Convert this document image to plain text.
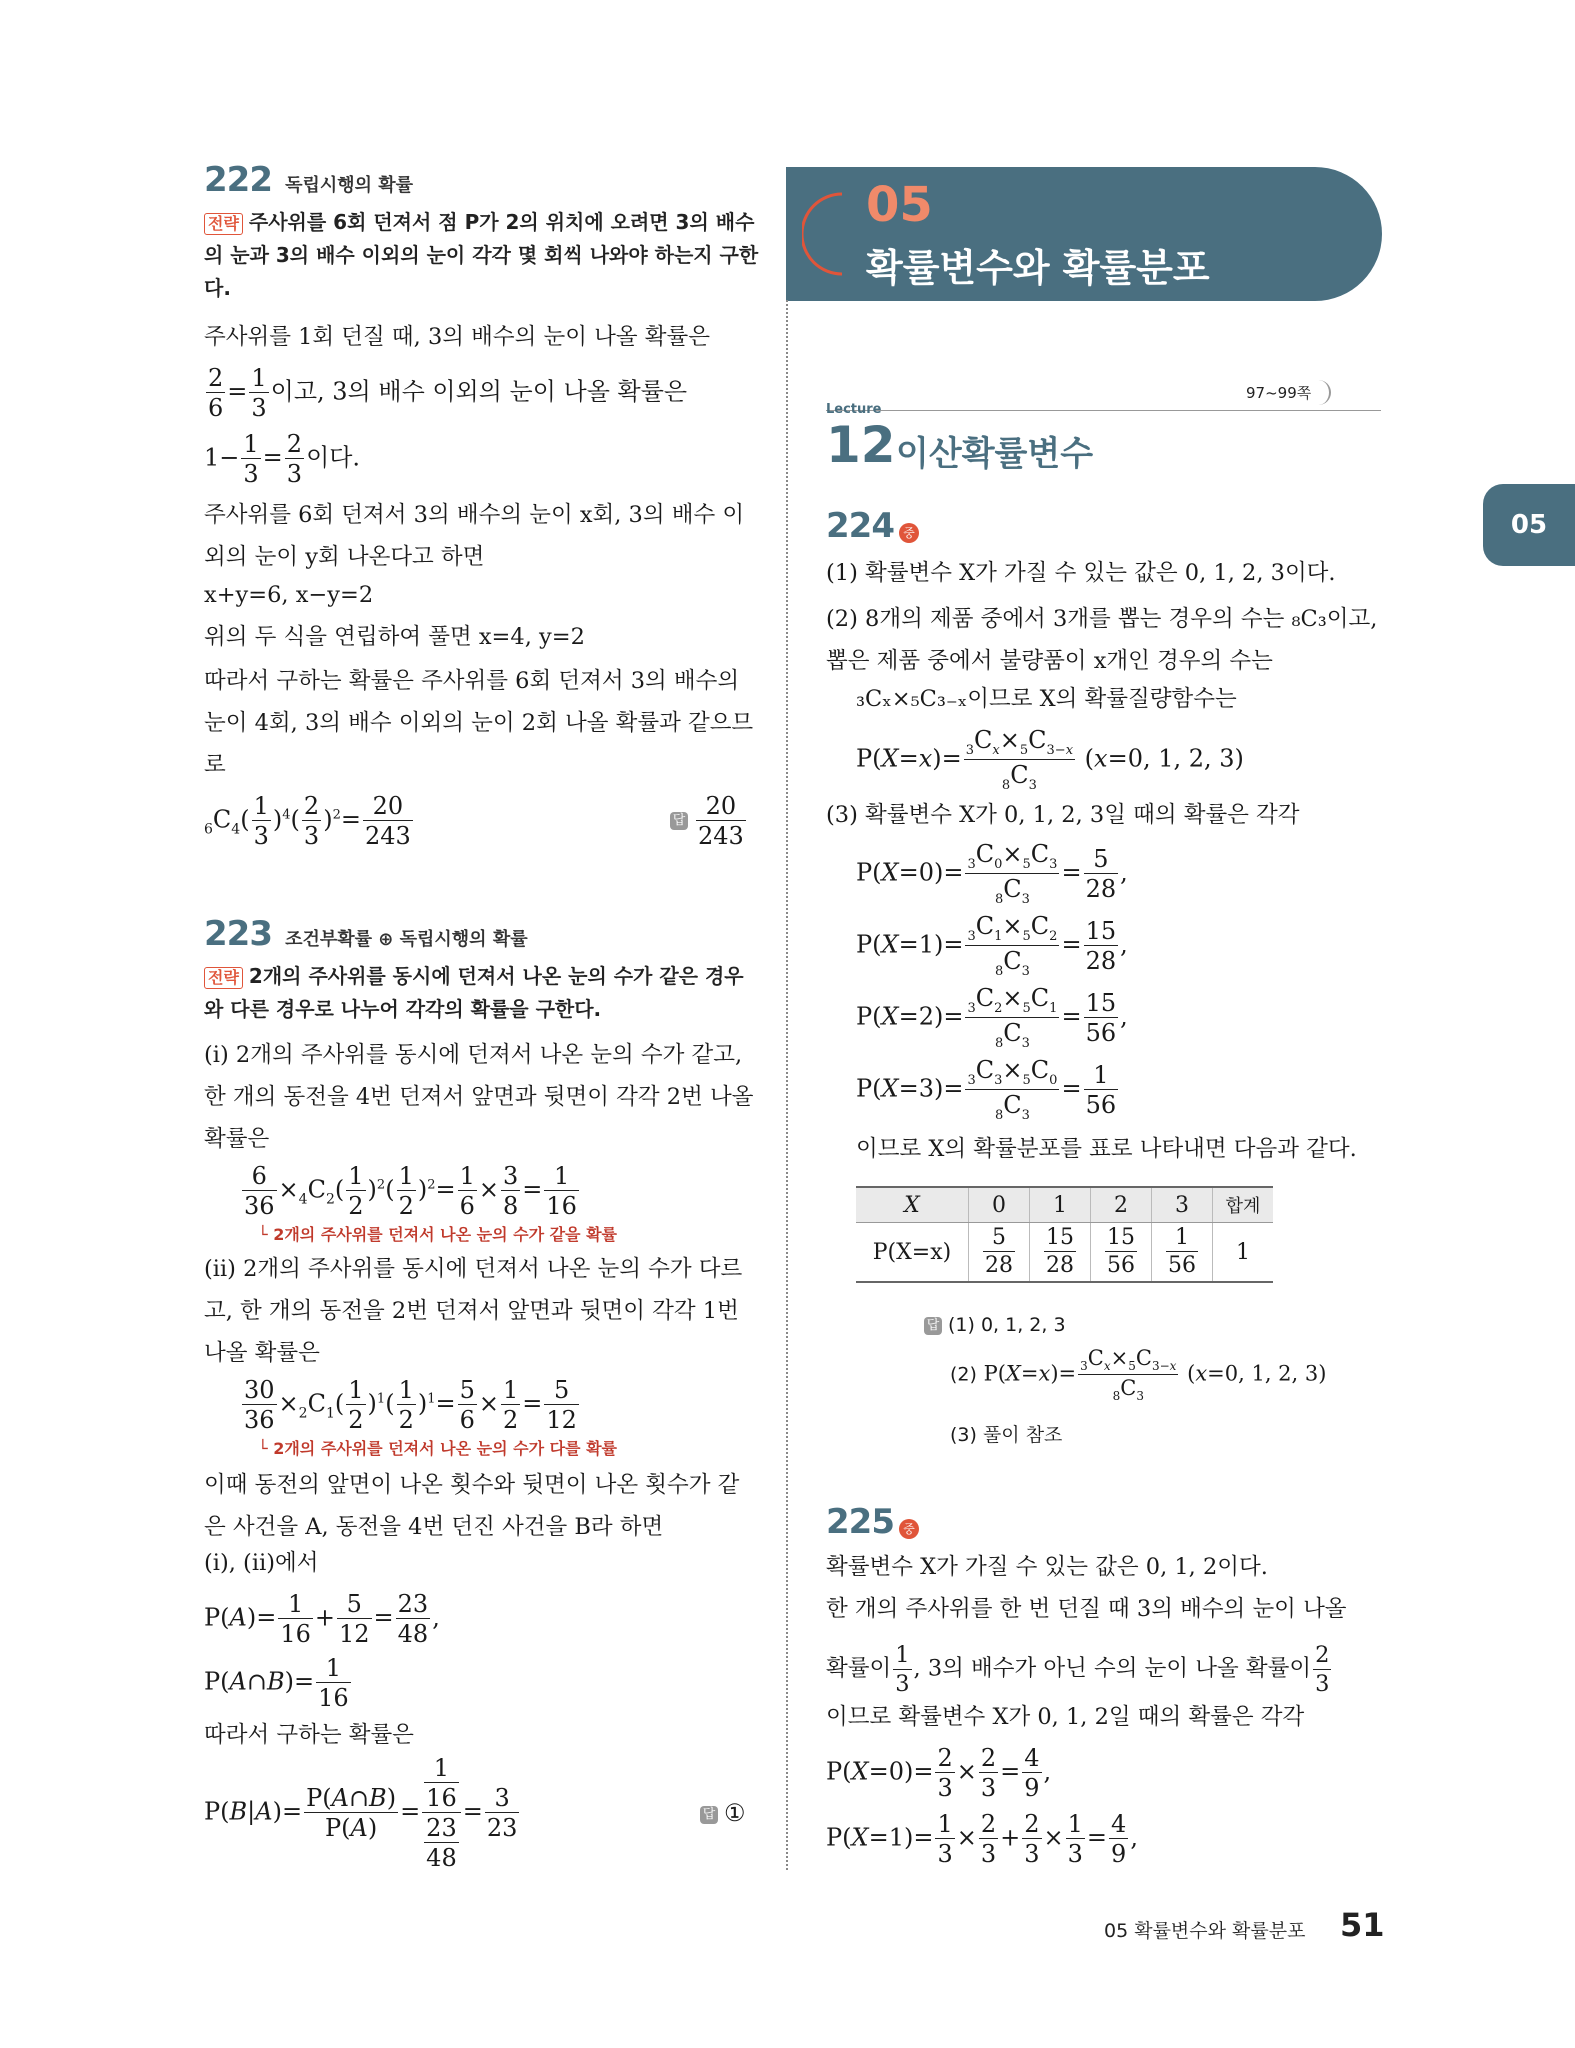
222 독립시행의 확률
전략 주사위를 6회 던져서 점 P가 2의 위치에 오려면 3의 배수의 눈과 3의 배수 이외의 눈이 각각 몇 회씩 나와야 하는지 구한다.
주사위를 1회 던질 때, 3의 배수의 눈이 나올 확률은
$\frac{2}{6} = \frac{1}{3}$ 이고, 3의 배수 이외의 눈이 나올 확률은
$1- \frac{1}{3} = \frac{2}{3}$ 이다.
주사위를 6회 던져서 3의 배수의 눈이 x회, 3의 배수 이외의 눈이 y회 나온다고 하면
x+y=6, x−y=2
위의 두 식을 연립하여 풀면 x=4, y=2
따라서 구하는 확률은 주사위를 6회 던져서 3의 배수의 눈이 4회, 3의 배수 이외의 눈이 2회 나올 확률과 같으므로
$_6C_4( \frac{1}{3} )^4( \frac{2}{3} )^2= \frac{20}{243}$	답 $\frac{20}{243}$
223 조건부확률 ⊕ 독립시행의 확률
전략 2개의 주사위를 동시에 던져서 나온 눈의 수가 같은 경우와 다른 경우로 나누어 각각의 확률을 구한다.
(ⅰ) 2개의 주사위를 동시에 던져서 나온 눈의 수가 같고, 한 개의 동전을 4번 던져서 앞면과 뒷면이 각각 2번 나올 확률은
$\frac{6}{36} \times_4C_2( \frac{1}{2} )^2( \frac{1}{2} )^2= \frac{1}{6} \times \frac{3}{8} = \frac{1}{16}$
└ 2개의 주사위를 던져서 나온 눈의 수가 같을 확률
(ⅱ) 2개의 주사위를 동시에 던져서 나온 눈의 수가 다르고, 한 개의 동전을 2번 던져서 앞면과 뒷면이 각각 1번 나올 확률은
$\frac{30}{36} \times_2C_1( \frac{1}{2} )^1( \frac{1}{2} )^1= \frac{5}{6} \times \frac{1}{2} = \frac{5}{12}$
└ 2개의 주사위를 던져서 나온 눈의 수가 다를 확률
이때 동전의 앞면이 나온 횟수와 뒷면이 나온 횟수가 같은 사건을 A, 동전을 4번 던진 사건을 B라 하면
(ⅰ), (ⅱ)에서
$P(A)= \frac{1}{16} + \frac{5}{12} = \frac{23}{48}$ ,
P(A∩B)= $\frac{1}{16}$
따라서 구하는 확률은
$P(B|A)= \frac{P(A\cap B)}{P(A)} = \frac{\frac{1}{16}}{\frac{23}{48}} = \frac{3}{23}$	답 ①
05
확률변수와 확률분포
05
97~99쪽
Lecture
12 이산확률변수
224 중
(1) 확률변수 X가 가질 수 있는 값은 0, 1, 2, 3이다.
(2) 8개의 제품 중에서 3개를 뽑는 경우의 수는 ₈C₃이고, 뽑은 제품 중에서 불량품이 x개인 경우의 수는
₃Cₓ×₅C₃₋ₓ이므로 X의 확률질량함수는
$P(X=x)= \frac{_3C_x\times_5C_{3-x}}{_8C_3} (x=0$, 1, 2, 3)
(3) 확률변수 X가 0, 1, 2, 3일 때의 확률은 각각
$P(X=0)= \frac{_3C_0\times_5C_3}{_8C_3} = \frac{5}{28}$ ,
$P(X=1)= \frac{_3C_1\times_5C_2}{_8C_3} = \frac{15}{28}$ ,
$P(X=2)= \frac{_3C_2\times_5C_1}{_8C_3} = \frac{15}{56}$ ,
$P(X=3)= \frac{_3C_3\times_5C_0}{_8C_3} = \frac{1}{56}$
이므로 X의 확률분포를 표로 나타내면 다음과 같다.
X	0	1	2	3	합계
P(X=x)	$\frac{5}{28}$	$\frac{15}{28}$	$\frac{15}{56}$	$\frac{1}{56}$	1
답 (1) 0, 1, 2, 3
(2) $P(X=x)= \frac{_3C_x\times_5C_{3-x}}{_8C_3} (x=0$, 1, 2, 3)
(3) 풀이 참조
225 중
확률변수 X가 가질 수 있는 값은 0, 1, 2이다.
한 개의 주사위를 한 번 던질 때 3의 배수의 눈이 나올
확률이 $\frac{1}{3}$ , 3의 배수가 아닌 수의 눈이 나올 확률이 $\frac{2}{3}$
이므로 확률변수 X가 0, 1, 2일 때의 확률은 각각
$P(X=0)= \frac{2}{3} \times \frac{2}{3} = \frac{4}{9}$ ,
$P(X=1)= \frac{1}{3} \times \frac{2}{3} + \frac{2}{3} \times \frac{1}{3} = \frac{4}{9}$ ,
05 확률변수와 확률분포 51
